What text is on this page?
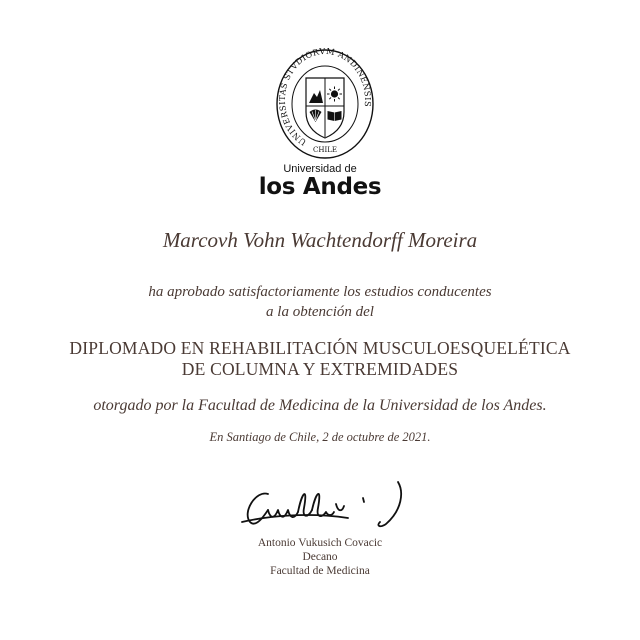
UNIVERSITAS STVDIORVM ANDINENSIS
CHILE
Universidad de
los Andes
Marcovh Vohn Wachtendorff Moreira
ha aprobado satisfactoriamente los estudios conducentes
a la obtención del
DIPLOMADO EN REHABILITACIÓN MUSCULOESQUELÉTICA
DE COLUMNA Y EXTREMIDADES
otorgado por la Facultad de Medicina de la Universidad de los Andes.
En Santiago de Chile, 2 de octubre de 2021.
Antonio Vukusich Covacic
Decano
Facultad de Medicina
